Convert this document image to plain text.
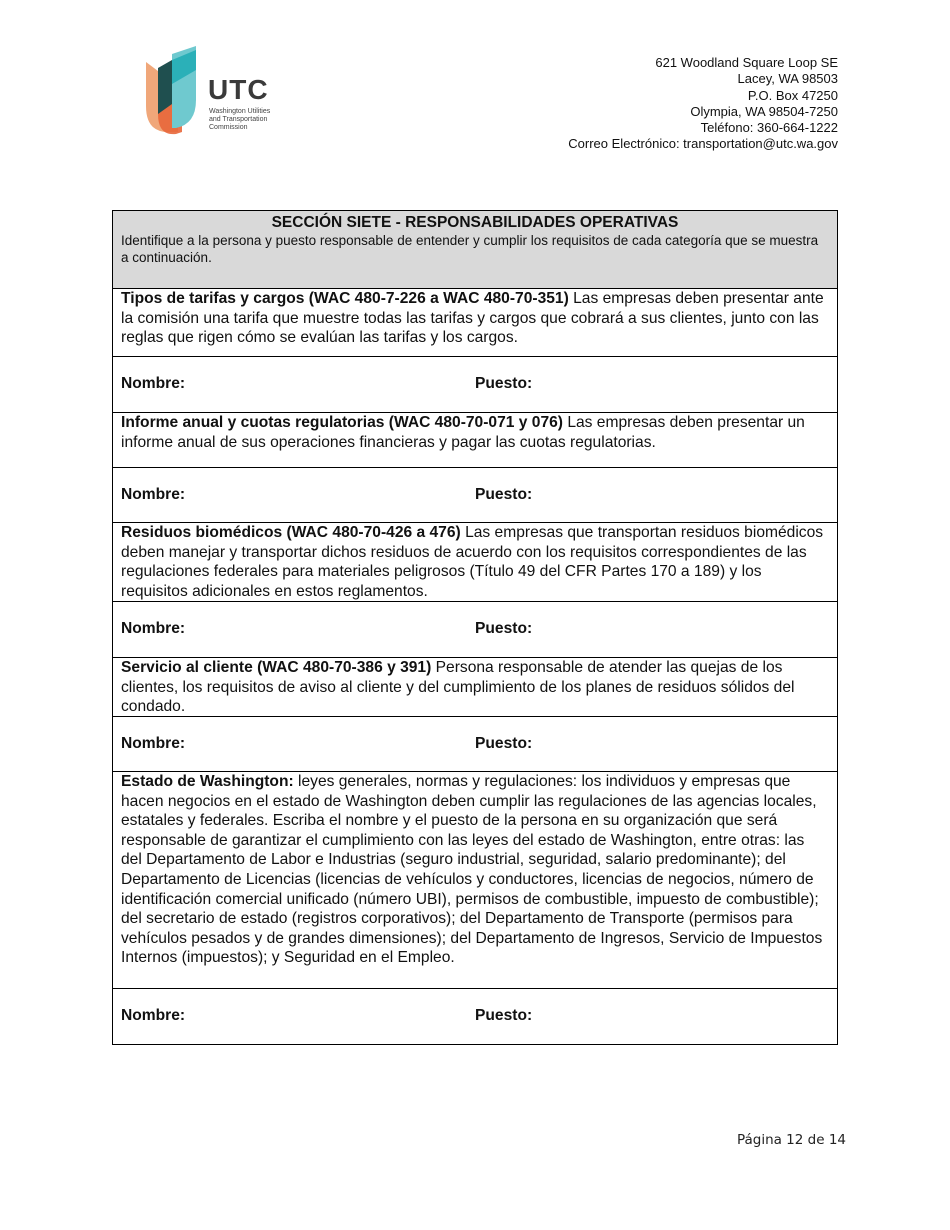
UTC
Washington Utilities
and Transportation
Commission
621 Woodland Square Loop SE
Lacey, WA 98503
P.O. Box 47250
Olympia, WA 98504-7250
Teléfono: 360-664-1222
Correo Electrónico: transportation@utc.wa.gov
SECCIÓN SIETE - RESPONSABILIDADES OPERATIVAS
Identifique a la persona y puesto responsable de entender y cumplir los requisitos de cada categoría que se muestra a continuación.
Tipos de tarifas y cargos (WAC 480-7-226 a WAC 480-70-351) Las empresas deben presentar ante la comisión una tarifa que muestre todas las tarifas y cargos que cobrará a sus clientes, junto con las reglas que rigen cómo se evalúan las tarifas y los cargos.
Nombre:	Puesto:
Informe anual y cuotas regulatorias (WAC 480-70-071 y 076) Las empresas deben presentar un informe anual de sus operaciones financieras y pagar las cuotas regulatorias.
Nombre:	Puesto:
Residuos biomédicos (WAC 480-70-426 a 476) Las empresas que transportan residuos biomédicos deben manejar y transportar dichos residuos de acuerdo con los requisitos correspondientes de las regulaciones federales para materiales peligrosos (Título 49 del CFR Partes 170 a 189) y los requisitos adicionales en estos reglamentos.
Nombre:	Puesto:
Servicio al cliente (WAC 480-70-386 y 391) Persona responsable de atender las quejas de los clientes, los requisitos de aviso al cliente y del cumplimiento de los planes de residuos sólidos del condado.
Nombre:	Puesto:
Estado de Washington: leyes generales, normas y regulaciones: los individuos y empresas que hacen negocios en el estado de Washington deben cumplir las regulaciones de las agencias locales, estatales y federales. Escriba el nombre y el puesto de la persona en su organización que será responsable de garantizar el cumplimiento con las leyes del estado de Washington, entre otras: las del Departamento de Labor e Industrias (seguro industrial, seguridad, salario predominante); del Departamento de Licencias (licencias de vehículos y conductores, licencias de negocios, número de identificación comercial unificado (número UBI), permisos de combustible, impuesto de combustible); del secretario de estado (registros corporativos); del Departamento de Transporte (permisos para vehículos pesados y de grandes dimensiones); del Departamento de Ingresos, Servicio de Impuestos Internos (impuestos); y Seguridad en el Empleo.
Nombre:	Puesto:
Página 12 de 14
